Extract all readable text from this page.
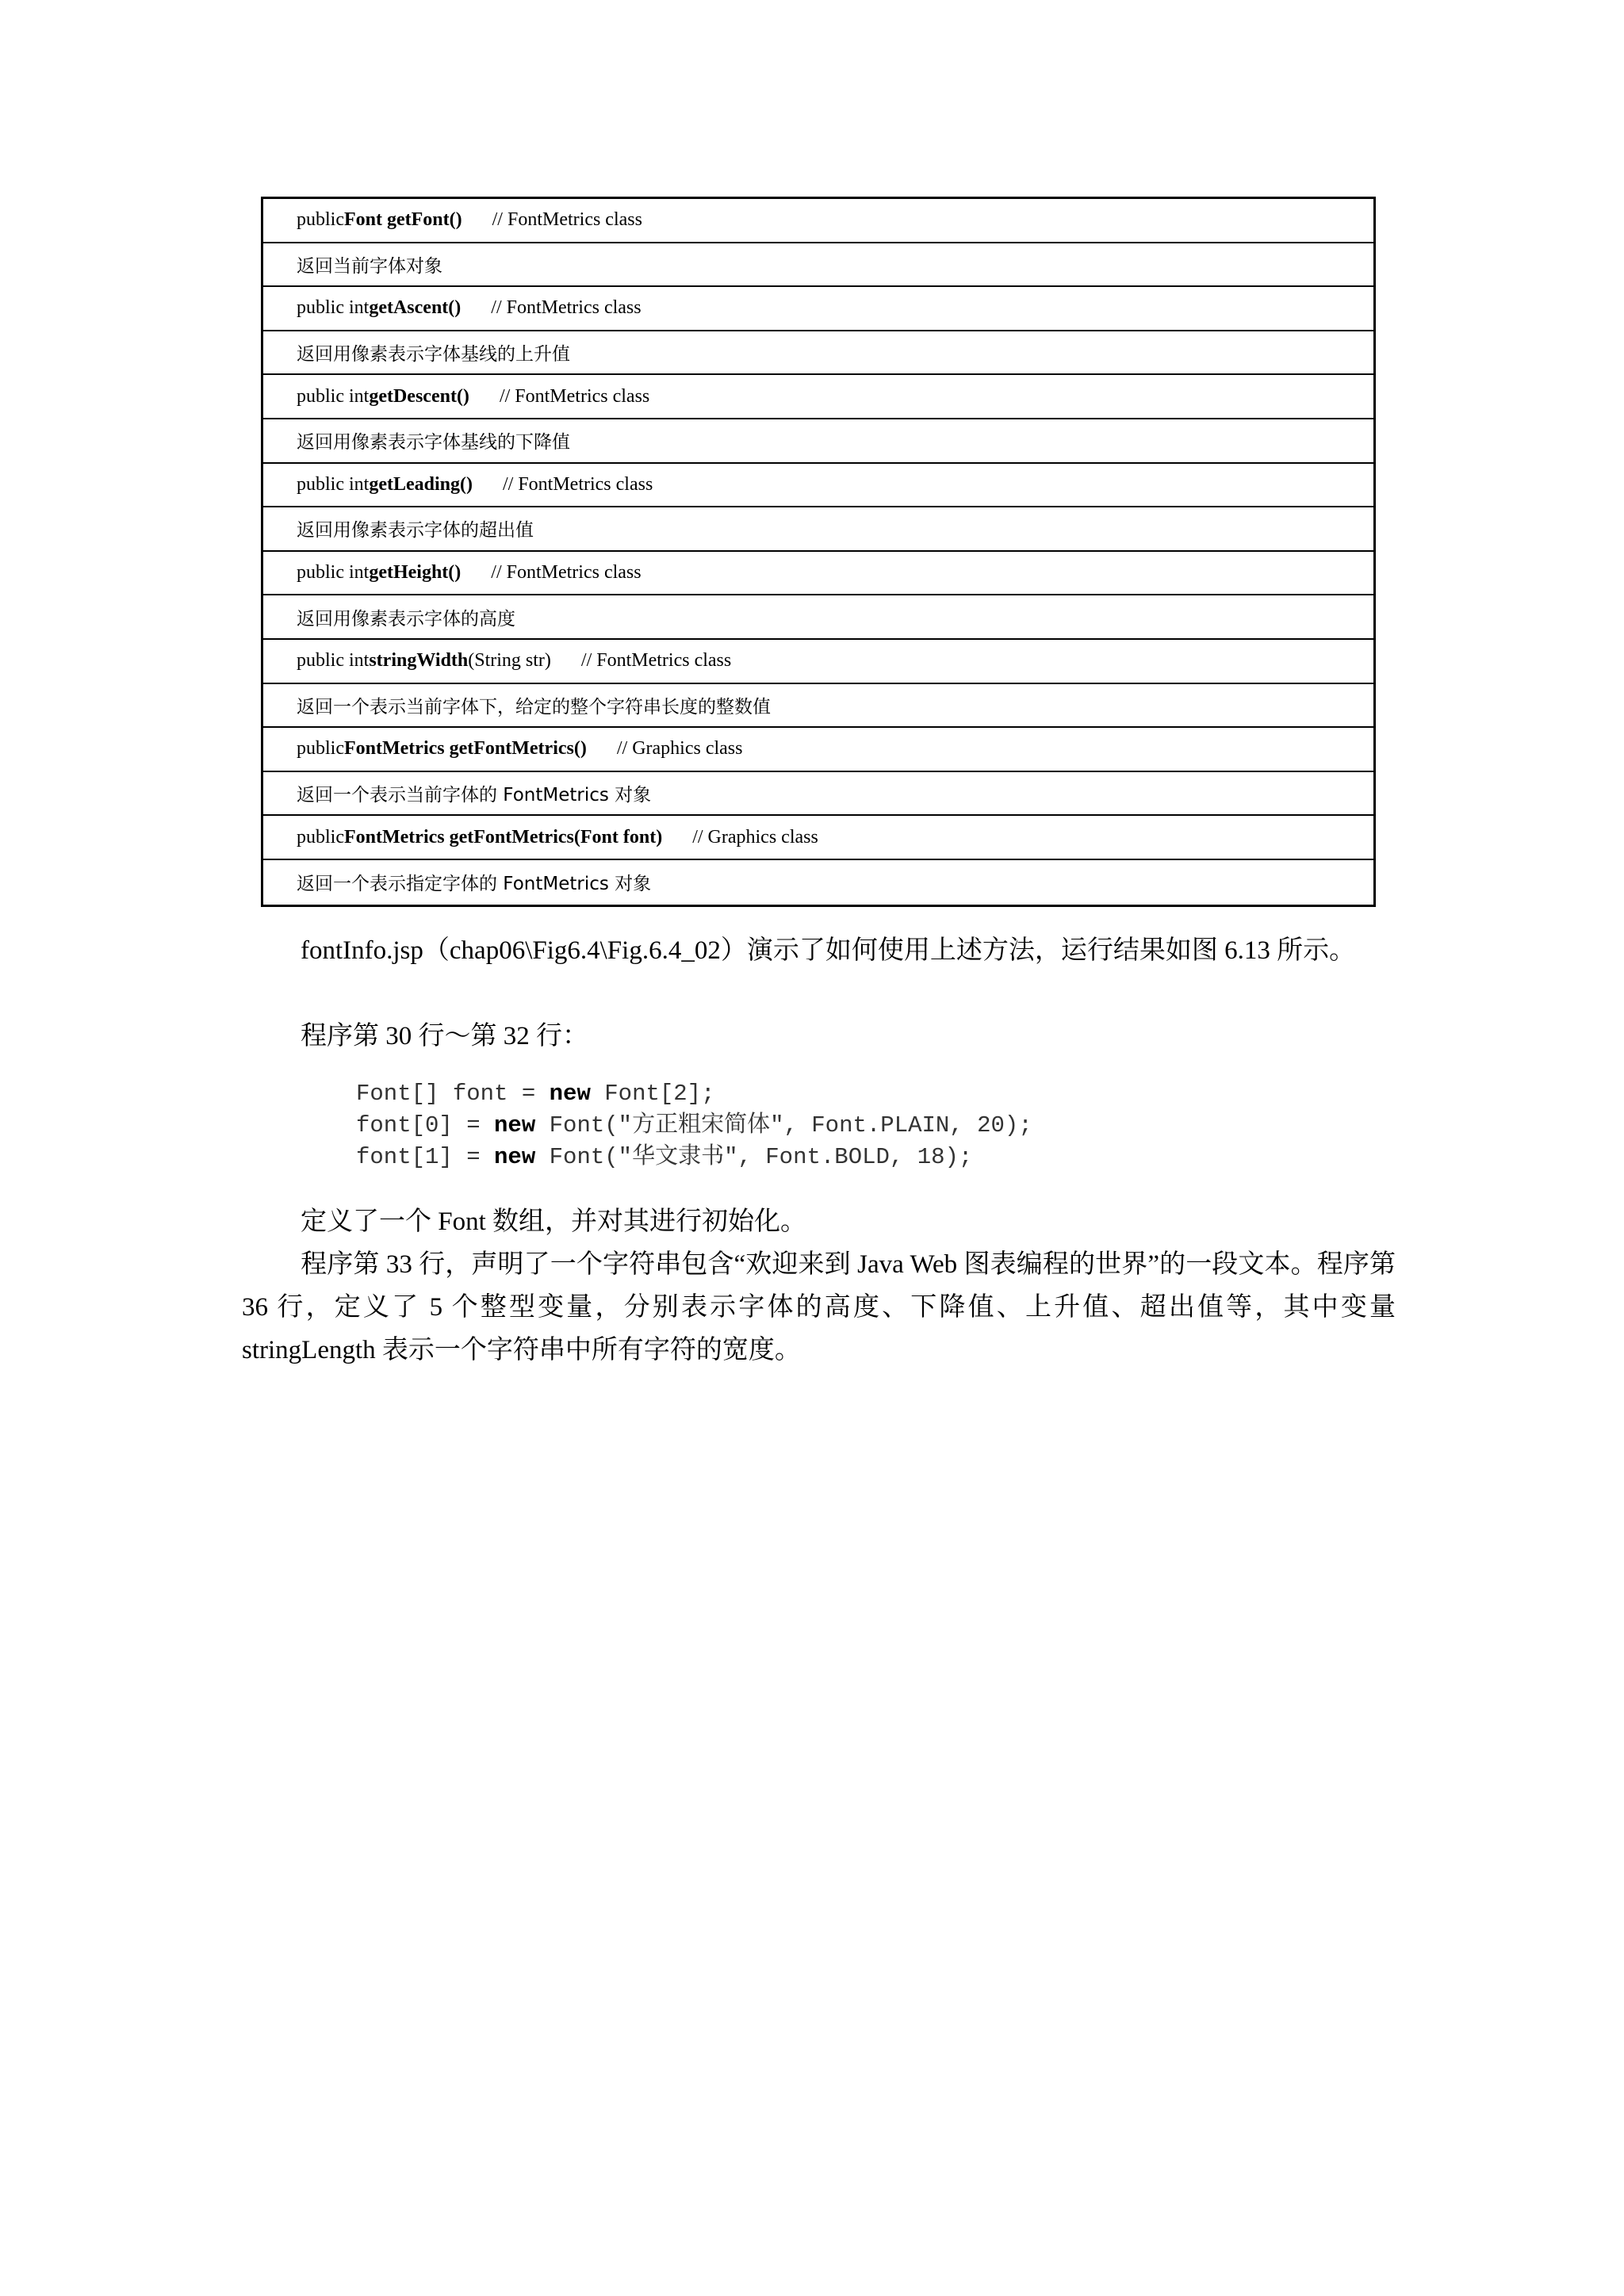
public Font getFont() // FontMetrics class
返回当前字体对象
public int getAscent() // FontMetrics class
返回用像素表示字体基线的上升值
public int getDescent() // FontMetrics class
返回用像素表示字体基线的下降值
public int getLeading() // FontMetrics class
返回用像素表示字体的超出值
public int getHeight() // FontMetrics class
返回用像素表示字体的高度
public int stringWidth (String str) // FontMetrics class
返回一个表示当前字体下，给定的整个字符串长度的整数值
public FontMetrics getFontMetrics() // Graphics class
返回一个表示当前字体的 FontMetrics 对象
public FontMetrics getFontMetrics(Font font) // Graphics class
返回一个表示指定字体的 FontMetrics 对象
fontInfo.jsp（chap06\Fig6.4\Fig.6.4_02）演示了如何使用上述方法，运行结果如图 6.13 所示。
程序第 30 行～第 32 行：
Font[] font = new Font[2];
font[0] = new Font("方正粗宋简体", Font.PLAIN, 20);
font[1] = new Font("华文隶书", Font.BOLD, 18);
定义了一个 Font 数组，并对其进行初始化。
程序第 33 行，声明了一个字符串包含“欢迎来到 Java Web 图表编程的世界”的一段文本。程序第 36 行，定义了 5 个整型变量，分别表示字体的高度、下降值、上升值、超出值等，其中变量 stringLength 表示一个字符串中所有字符的宽度。
